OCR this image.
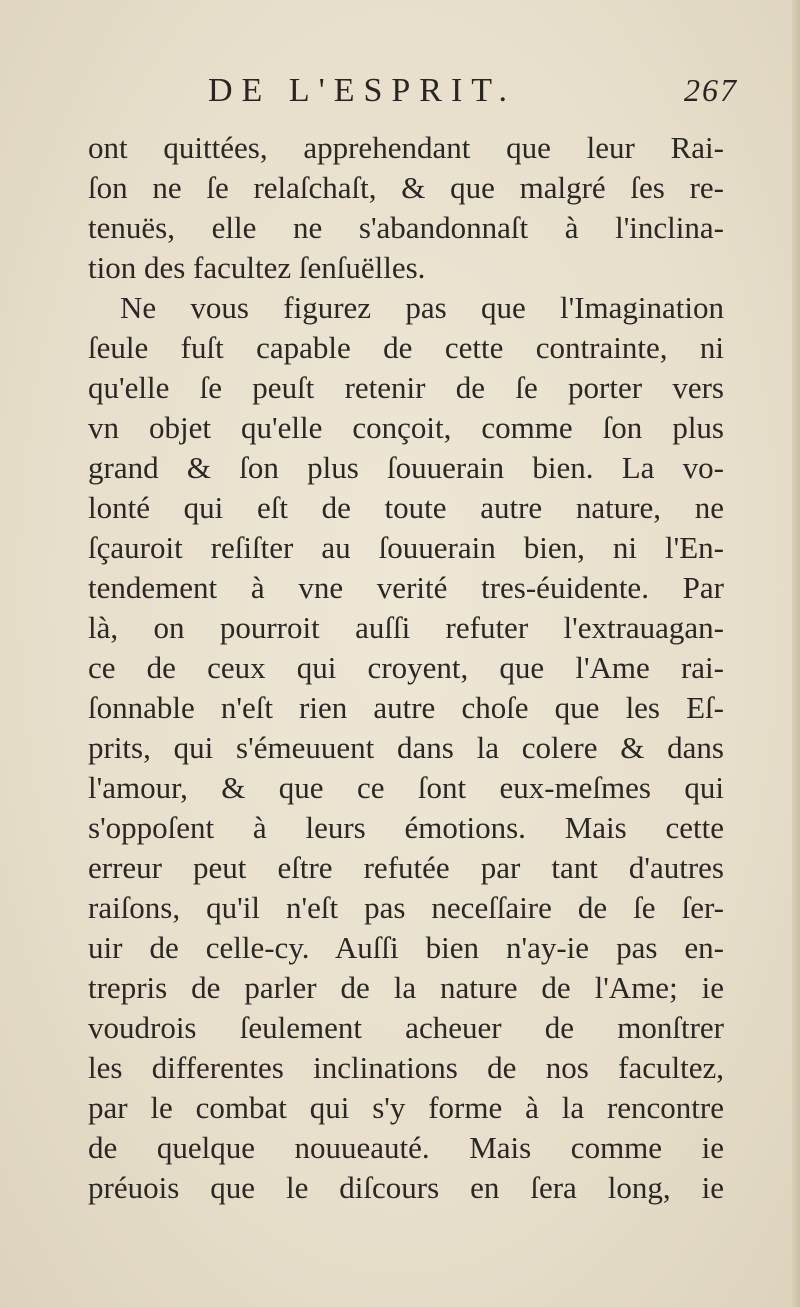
DE L'ESPRIT.	267
ont quittées, apprehendant que leur Rai-
ſon ne ſe relaſchaſt, & que malgré ſes re-
tenuës, elle ne s'abandonnaſt à l'inclina-
tion des facultez ſenſuëlles.
Ne vous figurez pas que l'Imagination
ſeule fuſt capable de cette contrainte, ni
qu'elle ſe peuſt retenir de ſe porter vers
vn objet qu'elle conçoit, comme ſon plus
grand & ſon plus ſouuerain bien. La vo-
lonté qui eſt de toute autre nature, ne
ſçauroit reſiſter au ſouuerain bien, ni l'En-
tendement à vne verité tres-éuidente. Par
là, on pourroit auſſi refuter l'extrauagan-
ce de ceux qui croyent, que l'Ame rai-
ſonnable n'eſt rien autre choſe que les Eſ-
prits, qui s'émeuuent dans la colere & dans
l'amour, & que ce ſont eux-meſmes qui
s'oppoſent à leurs émotions. Mais cette
erreur peut eſtre refutée par tant d'autres
raiſons, qu'il n'eſt pas neceſſaire de ſe ſer-
uir de celle-cy. Auſſi bien n'ay-ie pas en-
trepris de parler de la nature de l'Ame; ie
voudrois ſeulement acheuer de monſtrer
les differentes inclinations de nos facultez,
par le combat qui s'y forme à la rencontre
de quelque nouueauté. Mais comme ie
préuois que le diſcours en ſera long, ie
